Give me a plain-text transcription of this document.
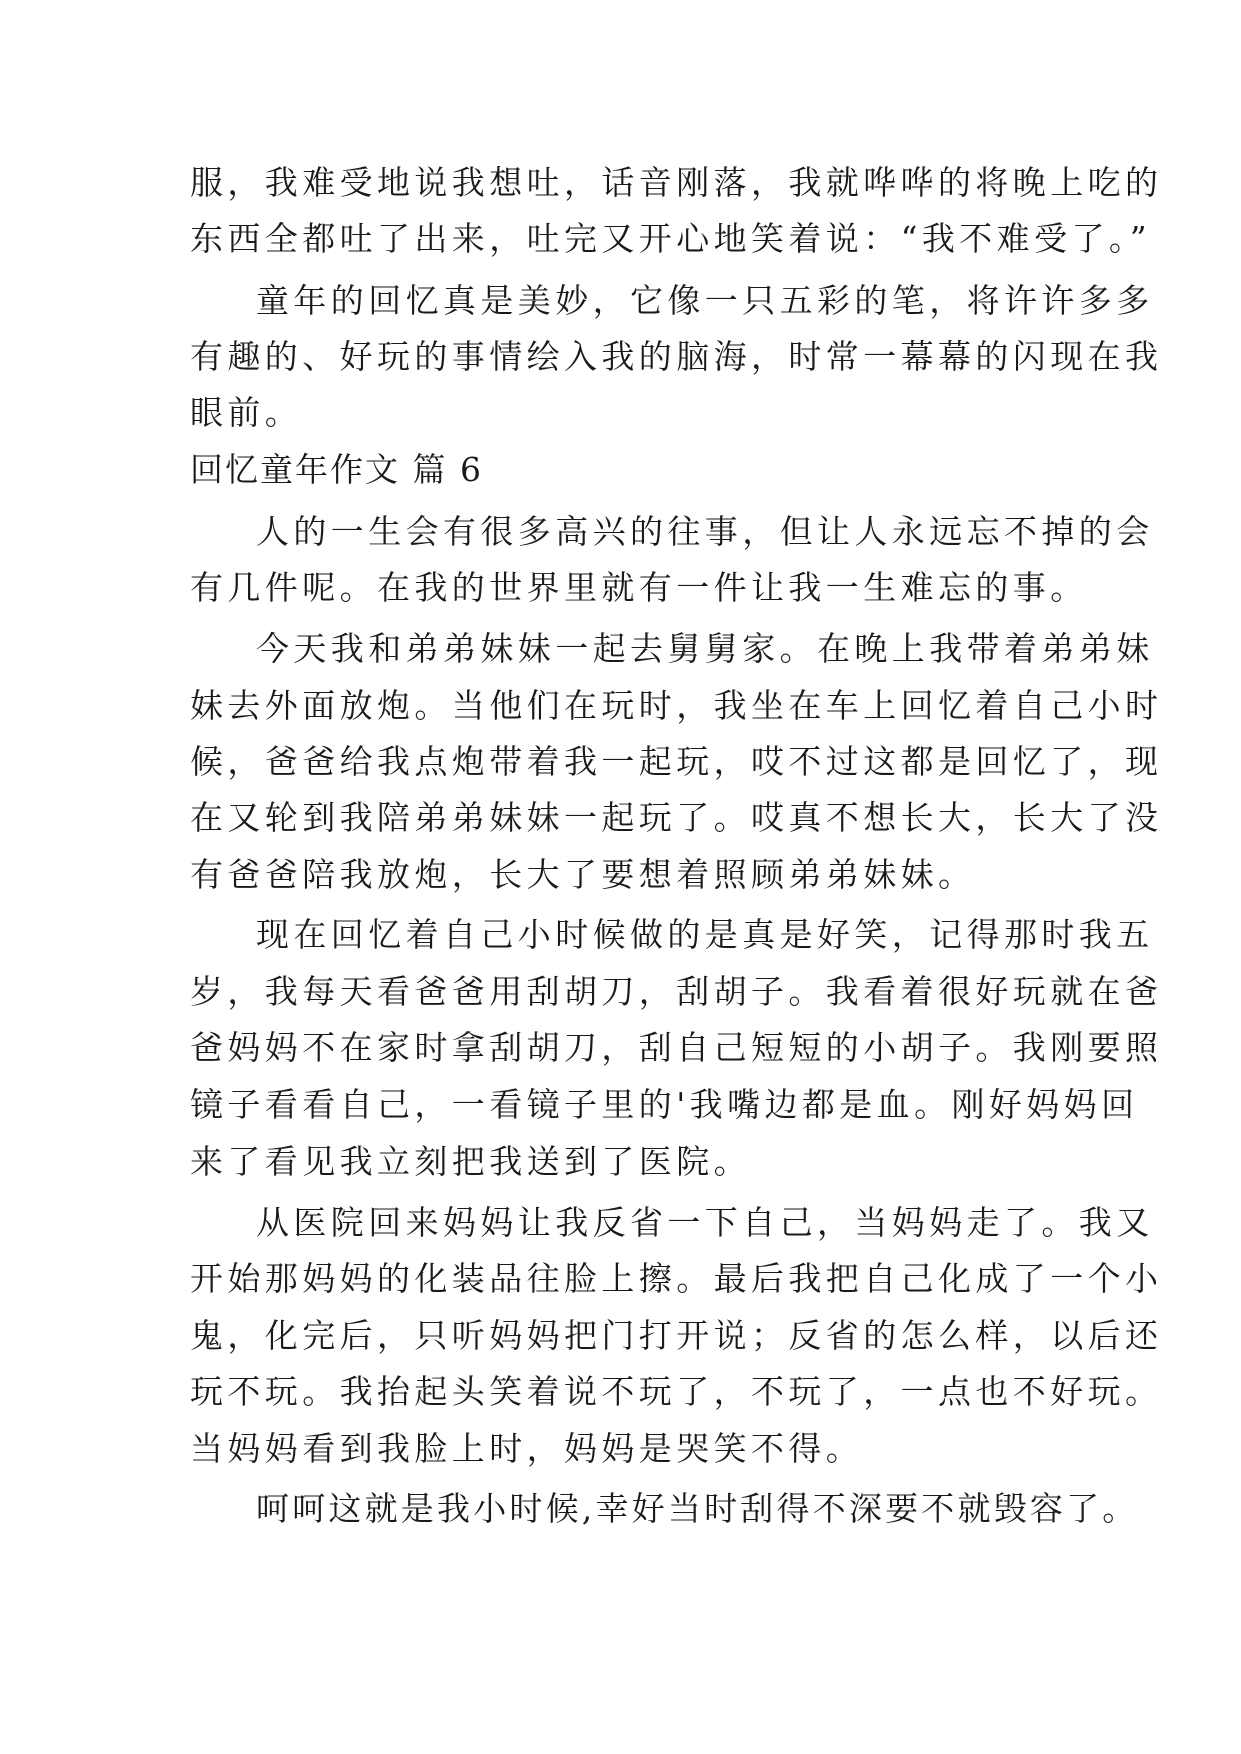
服，我难受地说我想吐，话音刚落，我就哗哗的将晚上吃的
东西全都吐了出来，吐完又开心地笑着说：“我不难受了。”
童年的回忆真是美妙，它像一只五彩的笔，将许许多多
有趣的、好玩的事情绘入我的脑海，时常一幕幕的闪现在我
眼前。
回忆童年作文 篇 6
人的一生会有很多高兴的往事，但让人永远忘不掉的会
有几件呢。在我的世界里就有一件让我一生难忘的事。
今天我和弟弟妹妹一起去舅舅家。在晚上我带着弟弟妹
妹去外面放炮。当他们在玩时，我坐在车上回忆着自己小时
候，爸爸给我点炮带着我一起玩，哎不过这都是回忆了，现
在又轮到我陪弟弟妹妹一起玩了。哎真不想长大，长大了没
有爸爸陪我放炮，长大了要想着照顾弟弟妹妹。
现在回忆着自己小时候做的是真是好笑，记得那时我五
岁，我每天看爸爸用刮胡刀，刮胡子。我看着很好玩就在爸
爸妈妈不在家时拿刮胡刀，刮自己短短的小胡子。我刚要照
镜子看看自己，一看镜子里的'我嘴边都是血。刚好妈妈回
来了看见我立刻把我送到了医院。
从医院回来妈妈让我反省一下自己，当妈妈走了。我又
开始那妈妈的化装品往脸上擦。最后我把自己化成了一个小
鬼，化完后，只听妈妈把门打开说；反省的怎么样，以后还
玩不玩。我抬起头笑着说不玩了，不玩了，一点也不好玩。
当妈妈看到我脸上时，妈妈是哭笑不得。
呵呵这就是我小时候,幸好当时刮得不深要不就毁容了。
